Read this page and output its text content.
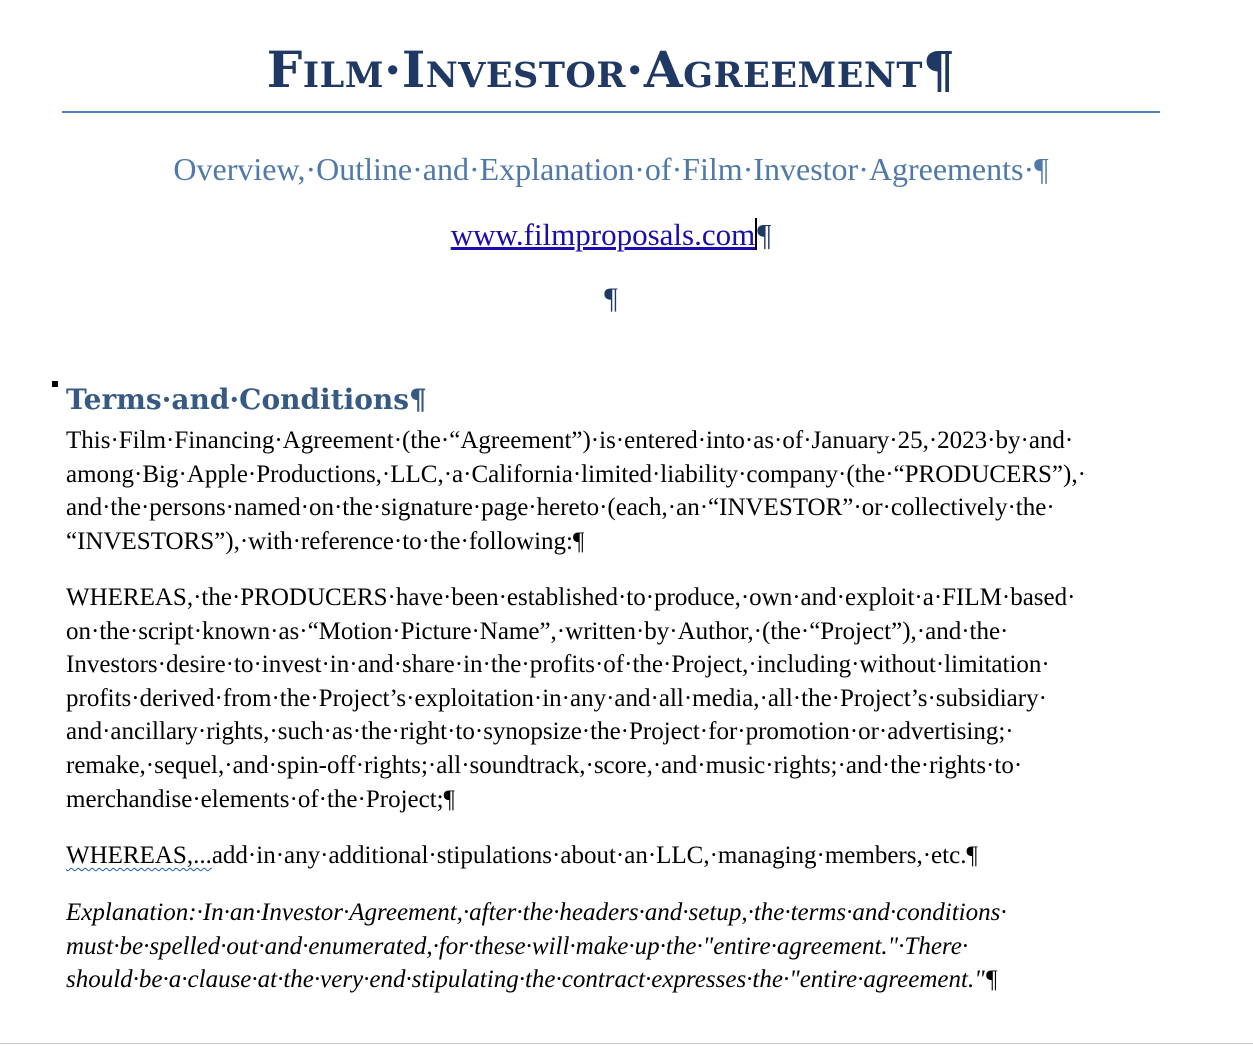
Film·Investor·Agreement¶
Overview,·Outline·and·Explanation·of·Film·Investor·Agreements·¶
www.filmproposals.com¶
¶
Terms·and·Conditions¶

This·Film·Financing·Agreement·(the·“Agreement”)·is·entered·into·as·of·January·25,·2023·by·and· among·Big·Apple·Productions,·LLC,·a·California·limited·liability·company·(the·“PRODUCERS”),· and·the·persons·named·on·the·signature·page·hereto·(each,·an·“INVESTOR”·or·collectively·the· “INVESTORS”),·with·reference·to·the·following:¶

WHEREAS,·the·PRODUCERS·have·been·established·to·produce,·own·and·exploit·a·FILM·based· on·the·script·known·as·“Motion·Picture·Name”,·written·by·Author,·(the·“Project”),·and·the· Investors·desire·to·invest·in·and·share·in·the·profits·of·the·Project,·including·without·limitation· profits·derived·from·the·Project’s·exploitation·in·any·and·all·media,·all·the·Project’s·subsidiary· and·ancillary·rights,·such·as·the·right·to·synopsize·the·Project·for·promotion·or·advertising;· remake,·sequel,·and·spin-off·rights;·all·soundtrack,·score,·and·music·rights;·and·the·rights·to· merchandise·elements·of·the·Project;¶

WHEREAS,...add·in·any·additional·stipulations·about·an·LLC,·managing·members,·etc.¶

Explanation:·In·an·Investor·Agreement,·after·the·headers·and·setup,·the·terms·and·conditions· must·be·spelled·out·and·enumerated,·for·these·will·make·up·the·"entire·agreement."·There· should·be·a·clause·at·the·very·end·stipulating·the·contract·expresses·the·"entire·agreement."¶
